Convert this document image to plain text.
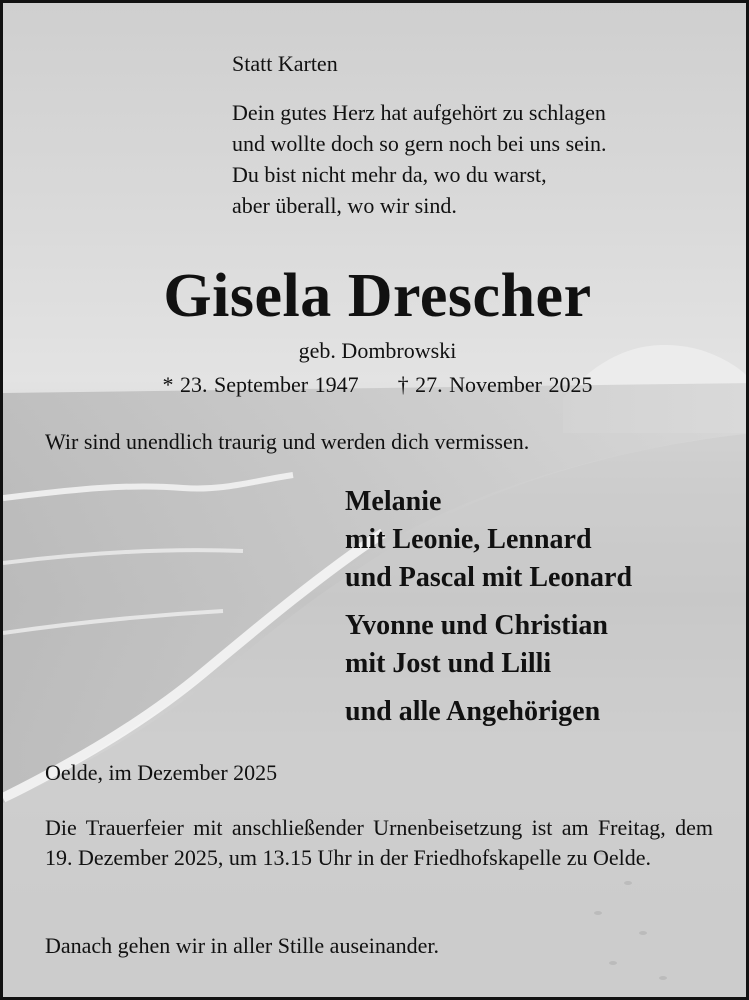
Statt Karten
Dein gutes Herz hat aufgehört zu schlagen
und wollte doch so gern noch bei uns sein.
Du bist nicht mehr da, wo du warst,
aber überall, wo wir sind.
Gisela Drescher
geb. Dombrowski
* 23. September 1947 † 27. November 2025
Wir sind unendlich traurig und werden dich vermissen.
Melanie
mit Leonie, Lennard
und Pascal mit Leonard
Yvonne und Christian
mit Jost und Lilli
und alle Angehörigen
Oelde, im Dezember 2025
Die Trauerfeier mit anschließender Urnenbeisetzung ist am Freitag, dem 19. Dezember 2025, um 13.15 Uhr in der Friedhofskapelle zu Oelde.
Danach gehen wir in aller Stille auseinander.
